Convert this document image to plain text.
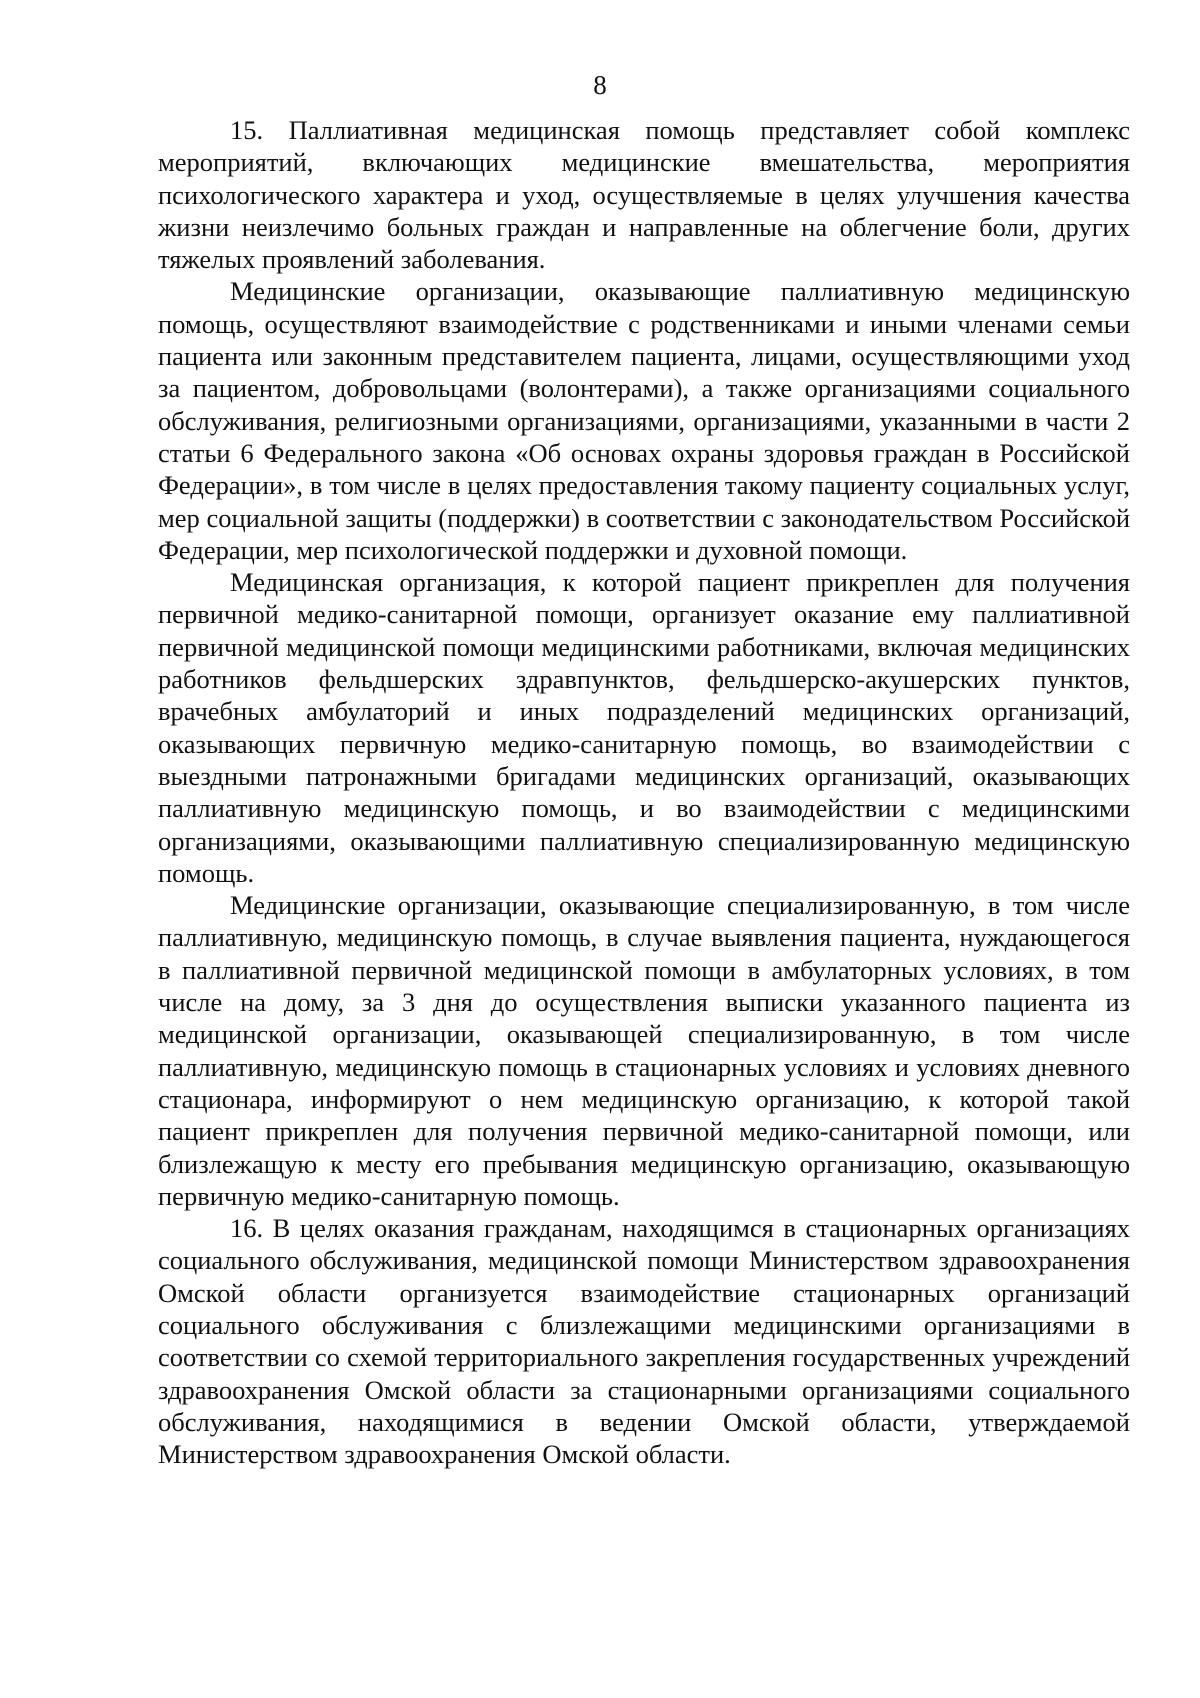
8

15. Паллиативная медицинская помощь представляет собой комплекс мероприятий, включающих медицинские вмешательства, мероприятия психологического характера и уход, осуществляемые в целях улучшения качества жизни неизлечимо больных граждан и направленные на облегчение боли, других тяжелых проявлений заболевания.

Медицинские организации, оказывающие паллиативную медицинскую помощь, осуществляют взаимодействие с родственниками и иными членами семьи пациента или законным представителем пациента, лицами, осуществляющими уход за пациентом, добровольцами (волонтерами), а также организациями социального обслуживания, религиозными организациями, организациями, указанными в части 2 статьи 6 Федерального закона «Об основах охраны здоровья граждан в Российской Федерации», в том числе в целях предоставления такому пациенту социальных услуг, мер социальной защиты (поддержки) в соответствии с законодательством Российской Федерации, мер психологической поддержки и духовной помощи.

Медицинская организация, к которой пациент прикреплен для получения первичной медико-санитарной помощи, организует оказание ему паллиативной первичной медицинской помощи медицинскими работниками, включая медицинских работников фельдшерских здравпунктов, фельдшерско-акушерских пунктов, врачебных амбулаторий и иных подразделений медицинских организаций, оказывающих первичную медико-санитарную помощь, во взаимодействии с выездными патронажными бригадами медицинских организаций, оказывающих паллиативную медицинскую помощь, и во взаимодействии с медицинскими организациями, оказывающими паллиативную специализированную медицинскую помощь.

Медицинские организации, оказывающие специализированную, в том числе паллиативную, медицинскую помощь, в случае выявления пациента, нуждающегося в паллиативной первичной медицинской помощи в амбулаторных условиях, в том числе на дому, за 3 дня до осуществления выписки указанного пациента из медицинской организации, оказывающей специализированную, в том числе паллиативную, медицинскую помощь в стационарных условиях и условиях дневного стационара, информируют о нем медицинскую организацию, к которой такой пациент прикреплен для получения первичной медико-санитарной помощи, или близлежащую к месту его пребывания медицинскую организацию, оказывающую первичную медико-санитарную помощь.

16. В целях оказания гражданам, находящимся в стационарных организациях социального обслуживания, медицинской помощи Министерством здравоохранения Омской области организуется взаимодействие стационарных организаций социального обслуживания с близлежащими медицинскими организациями в соответствии со схемой территориального закрепления государственных учреждений здравоохранения Омской области за стационарными организациями социального обслуживания, находящимися в ведении Омской области, утверждаемой Министерством здравоохранения Омской области.
